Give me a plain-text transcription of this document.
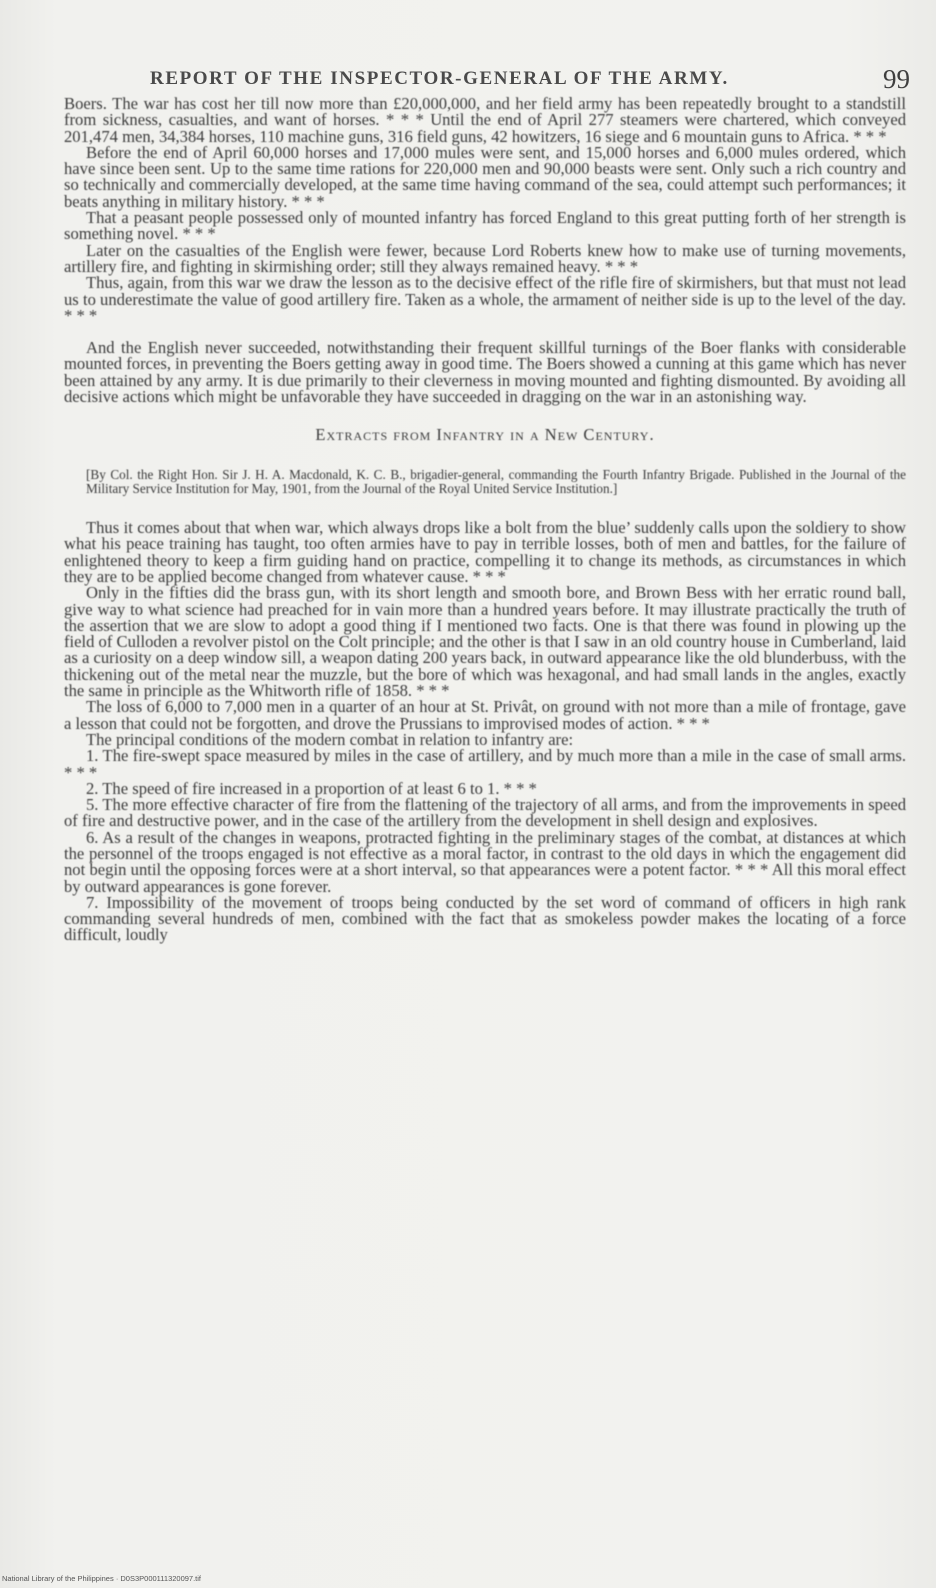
REPORT OF THE INSPECTOR-GENERAL OF THE ARMY.	99

Boers. The war has cost her till now more than £20,000,000, and her field army has been repeatedly brought to a standstill from sickness, casualties, and want of horses. * * * Until the end of April 277 steamers were chartered, which conveyed 201,474 men, 34,384 horses, 110 machine guns, 316 field guns, 42 howitzers, 16 siege and 6 mountain guns to Africa. * * *

Before the end of April 60,000 horses and 17,000 mules were sent, and 15,000 horses and 6,000 mules ordered, which have since been sent. Up to the same time rations for 220,000 men and 90,000 beasts were sent. Only such a rich country and so technically and commercially developed, at the same time having command of the sea, could attempt such performances; it beats anything in military history. * * *

That a peasant people possessed only of mounted infantry has forced England to this great putting forth of her strength is something novel. * * *

Later on the casualties of the English were fewer, because Lord Roberts knew how to make use of turning movements, artillery fire, and fighting in skirmishing order; still they always remained heavy. * * *

Thus, again, from this war we draw the lesson as to the decisive effect of the rifle fire of skirmishers, but that must not lead us to underestimate the value of good artillery fire. Taken as a whole, the armament of neither side is up to the level of the day. * * *

And the English never succeeded, notwithstanding their frequent skillful turnings of the Boer flanks with considerable mounted forces, in preventing the Boers getting away in good time. The Boers showed a cunning at this game which has never been attained by any army. It is due primarily to their cleverness in moving mounted and fighting dismounted. By avoiding all decisive actions which might be unfavorable they have succeeded in dragging on the war in an astonishing way.

Extracts from Infantry in a New Century.

[By Col. the Right Hon. Sir J. H. A. Macdonald, K. C. B., brigadier-general, commanding the Fourth Infantry Brigade. Published in the Journal of the Military Service Institution for May, 1901, from the Journal of the Royal United Service Institution.]

Thus it comes about that when war, which always drops like a bolt from the blue’ suddenly calls upon the soldiery to show what his peace training has taught, too often armies have to pay in terrible losses, both of men and battles, for the failure of enlightened theory to keep a firm guiding hand on practice, compelling it to change its methods, as circumstances in which they are to be applied become changed from whatever cause. * * *

Only in the fifties did the brass gun, with its short length and smooth bore, and Brown Bess with her erratic round ball, give way to what science had preached for in vain more than a hundred years before. It may illustrate practically the truth of the assertion that we are slow to adopt a good thing if I mentioned two facts. One is that there was found in plowing up the field of Culloden a revolver pistol on the Colt principle; and the other is that I saw in an old country house in Cumberland, laid as a curiosity on a deep window sill, a weapon dating 200 years back, in outward appearance like the old blunderbuss, with the thickening out of the metal near the muzzle, but the bore of which was hexagonal, and had small lands in the angles, exactly the same in principle as the Whitworth rifle of 1858. * * *

The loss of 6,000 to 7,000 men in a quarter of an hour at St. Privât, on ground with not more than a mile of frontage, gave a lesson that could not be forgotten, and drove the Prussians to improvised modes of action. * * *

The principal conditions of the modern combat in relation to infantry are:

1. The fire-swept space measured by miles in the case of artillery, and by much more than a mile in the case of small arms. * * *

2. The speed of fire increased in a proportion of at least 6 to 1. * * *

5. The more effective character of fire from the flattening of the trajectory of all arms, and from the improvements in speed of fire and destructive power, and in the case of the artillery from the development in shell design and explosives.

6. As a result of the changes in weapons, protracted fighting in the preliminary stages of the combat, at distances at which the personnel of the troops engaged is not effective as a moral factor, in contrast to the old days in which the engagement did not begin until the opposing forces were at a short interval, so that appearances were a potent factor. * * * All this moral effect by outward appearances is gone forever.

7. Impossibility of the movement of troops being conducted by the set word of command of officers in high rank commanding several hundreds of men, combined with the fact that as smokeless powder makes the locating of a force difficult, loudly

National Library of the Philippines · D0S3P000111320097.tif
